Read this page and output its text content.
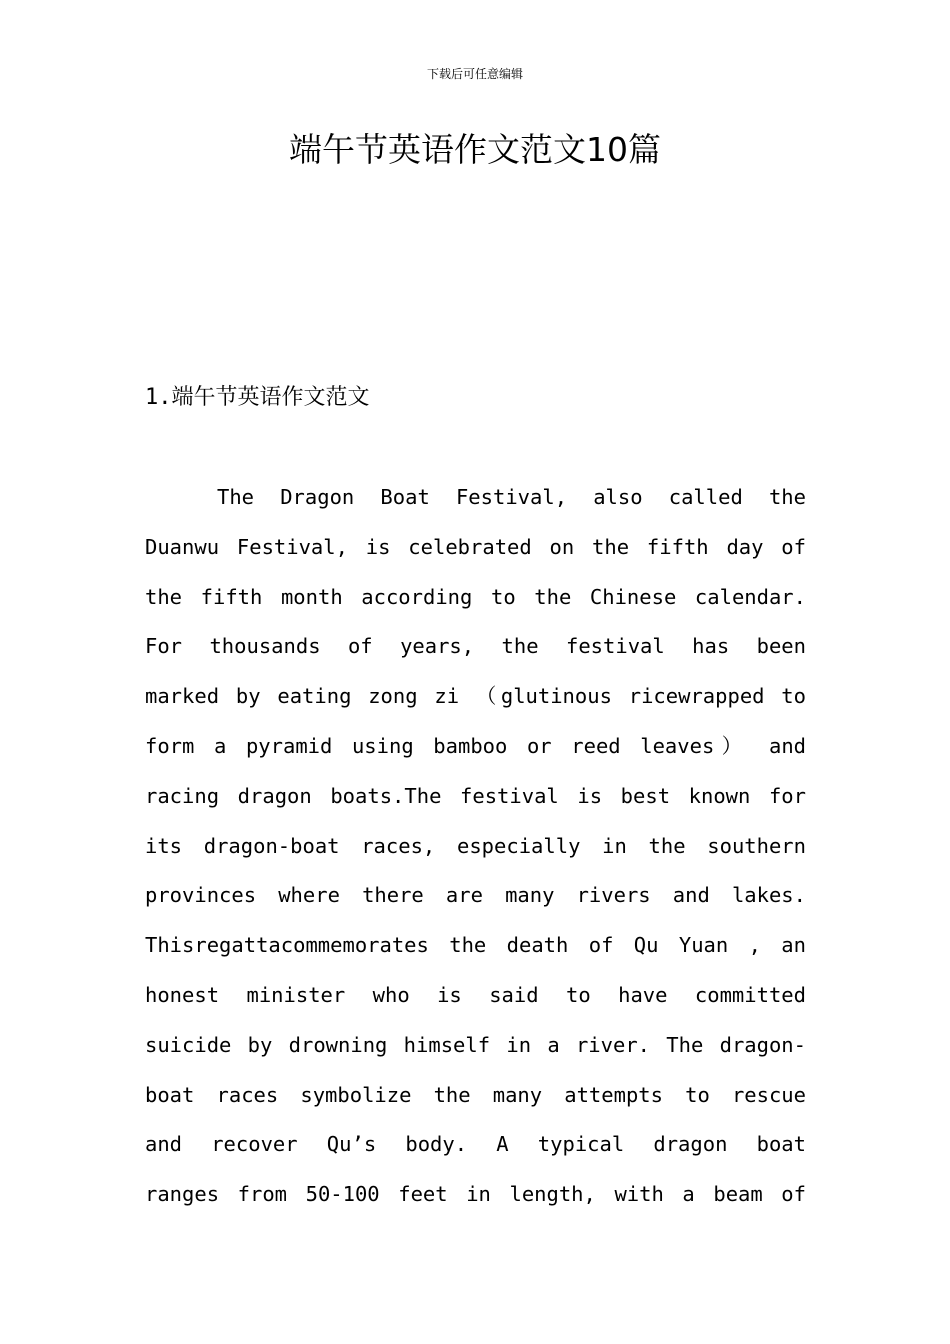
下载后可任意编辑
端午节英语作文范文10篇
1.端午节英语作文范文
The Dragon Boat Festival, also called the
Duanwu Festival, is celebrated on the fifth day of
the fifth month according to the Chinese calendar.
For thousands of years, the festival has been
marked by eating zong zi （glutinous ricewrapped to
form a pyramid using bamboo or reed leaves） and
racing dragon boats.The festival is best known for
its dragon-boat races, especially in the southern
provinces where there are many rivers and lakes.
Thisregattacommemorates the death of Qu Yuan , an
honest minister who is said to have committed
suicide by drowning himself in a river. The dragon-
boat races symbolize the many attempts to rescue
and recover Qu’s body. A typical dragon boat
ranges from 50-100 feet in length, with a beam of
